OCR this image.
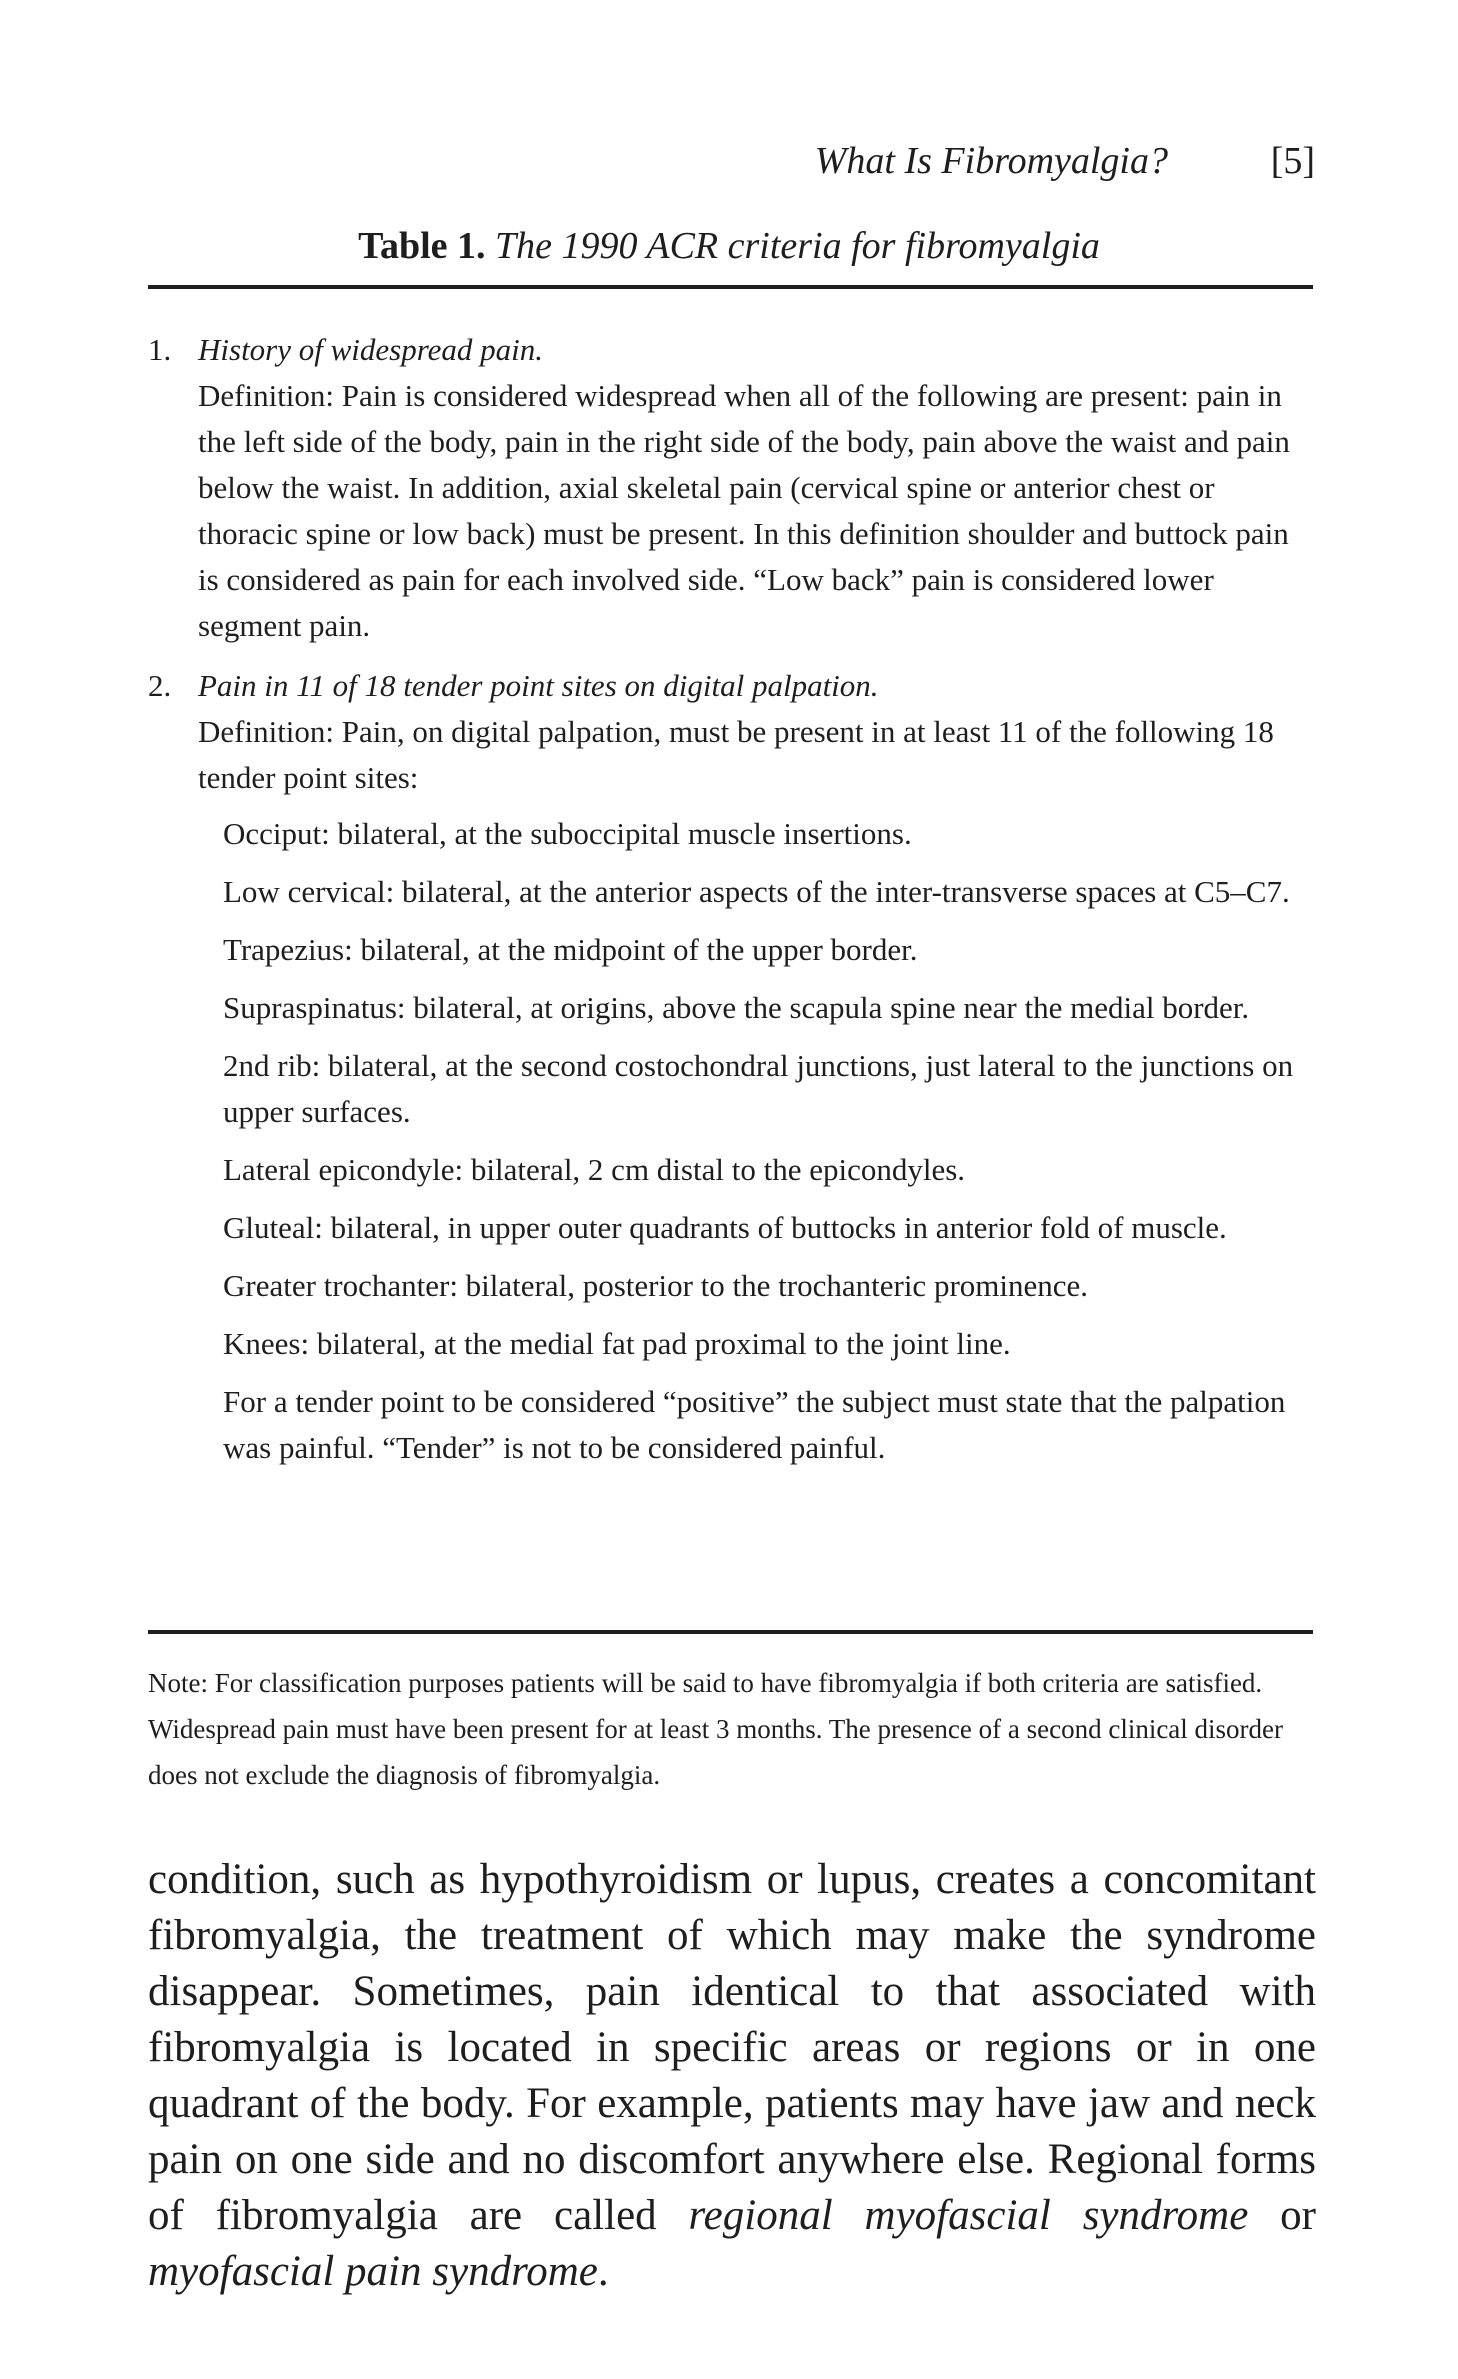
What Is Fibromyalgia?	[5]
Table 1. The 1990 ACR criteria for fibromyalgia
1. History of widespread pain.
Definition: Pain is considered widespread when all of the following are present: pain in the left side of the body, pain in the right side of the body, pain above the waist and pain below the waist. In addition, axial skeletal pain (cervical spine or anterior chest or thoracic spine or low back) must be present. In this definition shoulder and buttock pain is considered as pain for each involved side. “Low back” pain is considered lower segment pain.
2. Pain in 11 of 18 tender point sites on digital palpation.
Definition: Pain, on digital palpation, must be present in at least 11 of the following 18 tender point sites:
Occiput: bilateral, at the suboccipital muscle insertions.
Low cervical: bilateral, at the anterior aspects of the inter-transverse spaces at C5–C7.
Trapezius: bilateral, at the midpoint of the upper border.
Supraspinatus: bilateral, at origins, above the scapula spine near the medial border.
2nd rib: bilateral, at the second costochondral junctions, just lateral to the junctions on upper surfaces.
Lateral epicondyle: bilateral, 2 cm distal to the epicondyles.
Gluteal: bilateral, in upper outer quadrants of buttocks in anterior fold of muscle.
Greater trochanter: bilateral, posterior to the trochanteric prominence.
Knees: bilateral, at the medial fat pad proximal to the joint line.
For a tender point to be considered “positive” the subject must state that the palpation was painful. “Tender” is not to be considered painful.
Note: For classification purposes patients will be said to have fibromyalgia if both criteria are satisfied. Widespread pain must have been present for at least 3 months. The presence of a second clinical disorder does not exclude the diagnosis of fibromyalgia.
condition, such as hypothyroidism or lupus, creates a concomitant fibromyalgia, the treatment of which may make the syndrome disappear. Sometimes, pain identical to that associated with fibromyalgia is located in specific areas or regions or in one quadrant of the body. For example, patients may have jaw and neck pain on one side and no discomfort anywhere else. Regional forms of fibromyalgia are called regional myofascial syndrome or myofascial pain syndrome.
